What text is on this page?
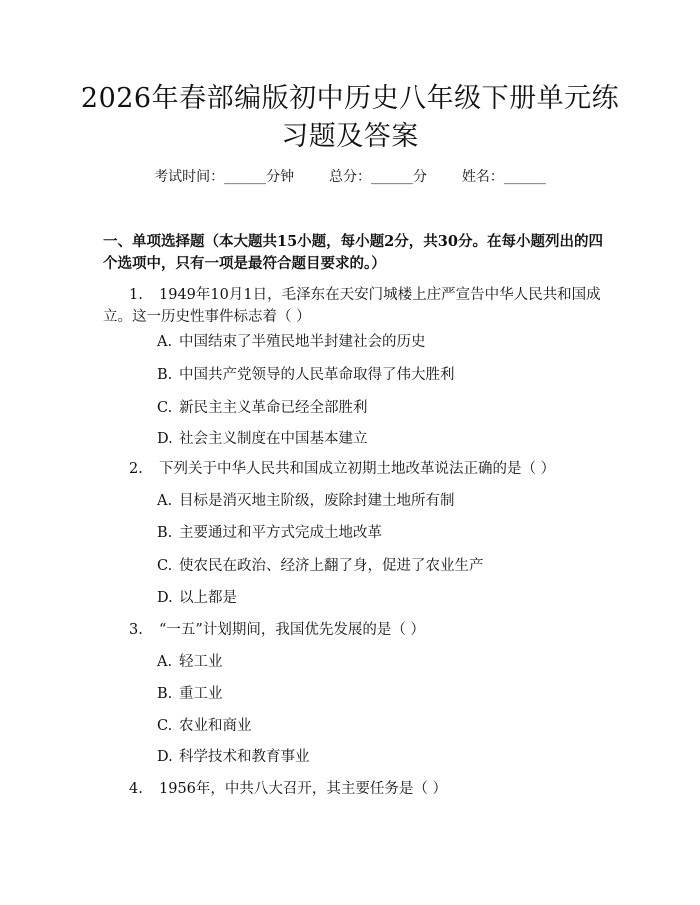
2026年春部编版初中历史八年级下册单元练
习题及答案
考试时间：______分钟 总分：______分 姓名：______
一、单项选择题（本大题共15小题，每小题2分，共30分。在每小题列出的四
个选项中，只有一项是最符合题目要求的。）
1. 1949年10月1日，毛泽东在天安门城楼上庄严宣告中华人民共和国成
立。这一历史性事件标志着（ ）
A. 中国结束了半殖民地半封建社会的历史
B. 中国共产党领导的人民革命取得了伟大胜利
C. 新民主主义革命已经全部胜利
D. 社会主义制度在中国基本建立
2. 下列关于中华人民共和国成立初期土地改革说法正确的是（ ）
A. 目标是消灭地主阶级，废除封建土地所有制
B. 主要通过和平方式完成土地改革
C. 使农民在政治、经济上翻了身，促进了农业生产
D. 以上都是
3. “一五”计划期间，我国优先发展的是（ ）
A. 轻工业
B. 重工业
C. 农业和商业
D. 科学技术和教育事业
4. 1956年，中共八大召开，其主要任务是（ ）
